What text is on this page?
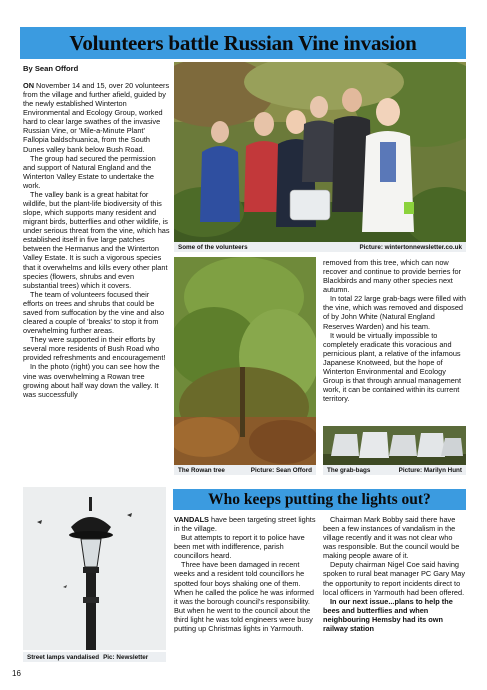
Volunteers battle Russian Vine invasion
By Sean Offord

ON November 14 and 15, over 20 volunteers from the village and further afield, guided by the newly established Winterton Environmental and Ecology Group, worked hard to clear large swathes of the invasive Russian Vine, or 'Mile-a-Minute Plant' Fallopia baldschuanica, from the South Dunes valley bank below Bush Road.

The group had secured the permission and support of Natural England and the Winterton Valley Estate to undertake the work.

The valley bank is a great habitat for wildlife, but the plant-life biodiversity of this slope, which supports many resident and migrant birds, butterflies and other wildlife, is under serious threat from the vine, which has established itself in five large patches between the Hermanus and the Winterton Valley Estate. It is such a vigorous species that it overwhelms and kills every other plant species (flowers, shrubs and even substantial trees) which it covers.

The team of volunteers focused their efforts on trees and shrubs that could be saved from suffocation by the vine and also cleared a couple of 'breaks' to stop it from overwhelming further areas.

They were supported in their efforts by several more residents of Bush Road who provided refreshments and encouragement!

In the photo (right) you can see how the vine was overwhelming a Rowan tree growing about half way down the valley. It was successfully

Some of the volunteers	Picture: wintertonnewsletter.co.uk
The Rowan tree	Picture: Sean Offord

removed from this tree, which can now recover and continue to provide berries for Blackbirds and many other species next autumn.

In total 22 large grab-bags were filled with the vine, which was removed and disposed of by John White (Natural England Reserves Warden) and his team.

It would be virtually impossible to completely eradicate this voracious and pernicious plant, a relative of the infamous Japanese Knotweed, but the hope of Winterton Environmental and Ecology Group is that through annual management work, it can be contained within its current territory.

The grab-bags	Picture: Marilyn Hunt
Street lamps vandalised Pic: Newsletter
Who keeps putting the lights out?

VANDALS have been targeting street lights in the village.

But attempts to report it to police have been met with indifference, parish councillors heard.

Three have been damaged in recent weeks and a resident told councillors he spotted four boys shaking one of them. When he called the police he was informed it was the borough council's responsibility. But when he went to the council about the third light he was told engineers were busy putting up Christmas lights in Yarmouth.

Chairman Mark Bobby said there have been a few instances of vandalism in the village recently and it was not clear who was responsible. But the council would be making people aware of it.

Deputy chairman Nigel Coe said having spoken to rural beat manager PC Gary May the opportunity to report incidents direct to local officers in Yarmouth had been offered.

In our next issue...plans to help the bees and butterflies and when neighbouring Hemsby had its own railway station

16
